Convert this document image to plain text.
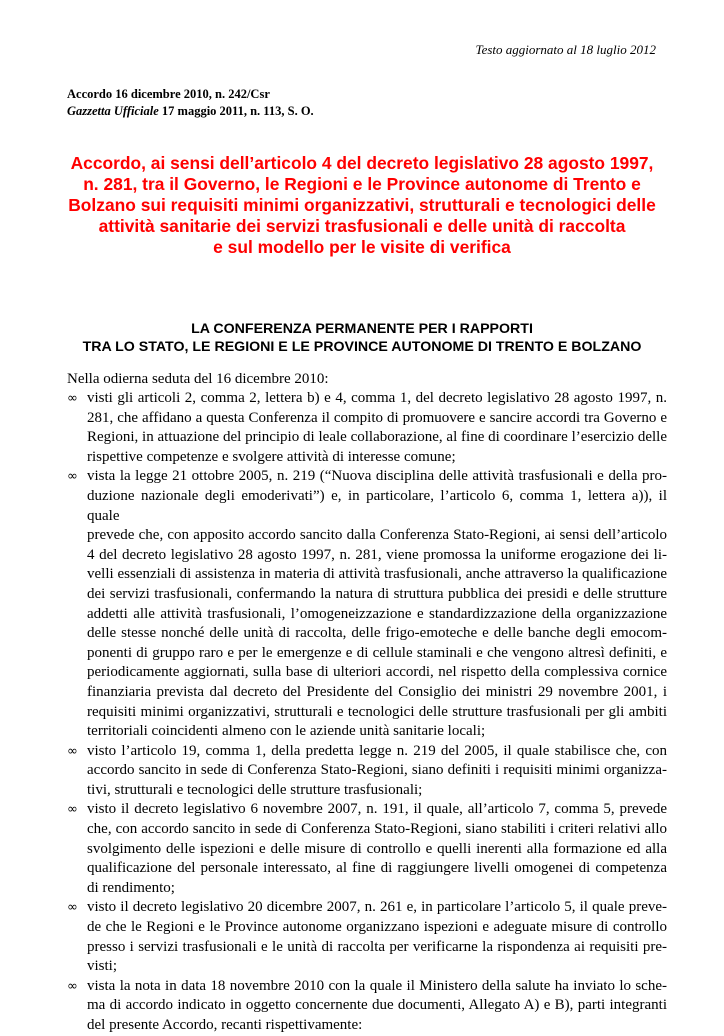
Testo aggiornato al 18 luglio 2012
Accordo 16 dicembre 2010, n. 242/Csr
Gazzetta Ufficiale 17 maggio 2011, n. 113, S. O.
Accordo, ai sensi dell’articolo 4 del decreto legislativo 28 agosto 1997,
n. 281, tra il Governo, le Regioni e le Province autonome di Trento e
Bolzano sui requisiti minimi organizzativi, strutturali e tecnologici delle
attività sanitarie dei servizi trasfusionali e delle unità di raccolta
e sul modello per le visite di verifica
LA CONFERENZA PERMANENTE PER I RAPPORTI
TRA LO STATO, LE REGIONI E LE PROVINCE AUTONOME DI TRENTO E BOLZANO
Nella odierna seduta del 16 dicembre 2010:
∞ visti gli articoli 2, comma 2, lettera b) e 4, comma 1, del decreto legislativo 28 agosto 1997, n.
281, che affidano a questa Conferenza il compito di promuovere e sancire accordi tra Governo e
Regioni, in attuazione del principio di leale collaborazione, al fine di coordinare l’esercizio delle
rispettive competenze e svolgere attività di interesse comune;
∞ vista la legge 21 ottobre 2005, n. 219 (“Nuova disciplina delle attività trasfusionali e della pro-
duzione nazionale degli emoderivati”) e, in particolare, l’articolo 6, comma 1, lettera a)), il quale
prevede che, con apposito accordo sancito dalla Conferenza Stato-Regioni, ai sensi dell’articolo
4 del decreto legislativo 28 agosto 1997, n. 281, viene promossa la uniforme erogazione dei li-
velli essenziali di assistenza in materia di attività trasfusionali, anche attraverso la qualificazione
dei servizi trasfusionali, confermando la natura di struttura pubblica dei presidi e delle strutture
addetti alle attività trasfusionali, l’omogeneizzazione e standardizzazione della organizzazione
delle stesse nonché delle unità di raccolta, delle frigo-emoteche e delle banche degli emocom-
ponenti di gruppo raro e per le emergenze e di cellule staminali e che vengono altresì definiti, e
periodicamente aggiornati, sulla base di ulteriori accordi, nel rispetto della complessiva cornice
finanziaria prevista dal decreto del Presidente del Consiglio dei ministri 29 novembre 2001, i
requisiti minimi organizzativi, strutturali e tecnologici delle strutture trasfusionali per gli ambiti
territoriali coincidenti almeno con le aziende unità sanitarie locali;
∞ visto l’articolo 19, comma 1, della predetta legge n. 219 del 2005, il quale stabilisce che, con
accordo sancito in sede di Conferenza Stato-Regioni, siano definiti i requisiti minimi organizza-
tivi, strutturali e tecnologici delle strutture trasfusionali;
∞ visto il decreto legislativo 6 novembre 2007, n. 191, il quale, all’articolo 7, comma 5, prevede
che, con accordo sancito in sede di Conferenza Stato-Regioni, siano stabiliti i criteri relativi allo
svolgimento delle ispezioni e delle misure di controllo e quelli inerenti alla formazione ed alla
qualificazione del personale interessato, al fine di raggiungere livelli omogenei di competenza
di rendimento;
∞ visto il decreto legislativo 20 dicembre 2007, n. 261 e, in particolare l’articolo 5, il quale preve-
de che le Regioni e le Province autonome organizzano ispezioni e adeguate misure di controllo
presso i servizi trasfusionali e le unità di raccolta per verificarne la rispondenza ai requisiti pre-
visti;
∞ vista la nota in data 18 novembre 2010 con la quale il Ministero della salute ha inviato lo sche-
ma di accordo indicato in oggetto concernente due documenti, Allegato A) e B), parti integranti
del presente Accordo, recanti rispettivamente:
